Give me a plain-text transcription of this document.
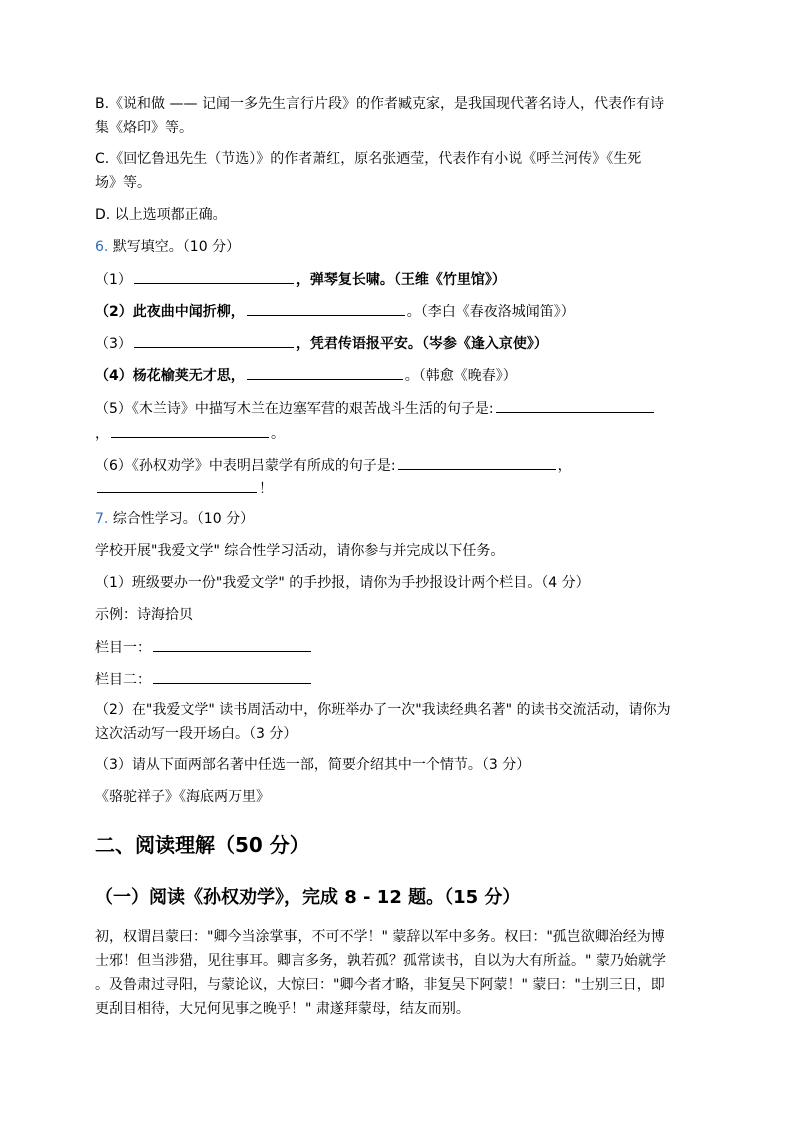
B.《说和做 —— 记闻一多先生言行片段》的作者臧克家，是我国现代著名诗人，代表作有诗
集《烙印》等。
C.《回忆鲁迅先生（节选）》的作者萧红，原名张迺莹，代表作有小说《呼兰河传》《生死
场》等。
D. 以上选项都正确。
6. 默写填空。（10 分）
（1）	，弹琴复长啸。（王维《竹里馆》）
（2）此夜曲中闻折柳，	。（李白《春夜洛城闻笛》）
（3）	，凭君传语报平安。（岑参《逢入京使》）
（4）杨花榆荚无才思，	。（韩愈《晚春》）
（5）《木兰诗》中描写木兰在边塞军营的艰苦战斗生活的句子是:
，	。
（6）《孙权劝学》中表明吕蒙学有所成的句子是:	，
！
7. 综合性学习。（10 分）
学校开展"我爱文学" 综合性学习活动，请你参与并完成以下任务。
（1）班级要办一份"我爱文学" 的手抄报，请你为手抄报设计两个栏目。（4 分）
示例：诗海拾贝
栏目一：
栏目二：
（2）在"我爱文学" 读书周活动中，你班举办了一次"我读经典名著" 的读书交流活动，请你为
这次活动写一段开场白。（3 分）
（3）请从下面两部名著中任选一部，简要介绍其中一个情节。（3 分）
《骆驼祥子》《海底两万里》
二、阅读理解（50 分）
（一）阅读《孙权劝学》，完成 8 - 12 题。（15 分）
初，权谓吕蒙曰："卿今当涂掌事，不可不学！" 蒙辞以军中多务。权曰："孤岂欲卿治经为博
士邪！但当涉猎，见往事耳。卿言多务，孰若孤？孤常读书，自以为大有所益。" 蒙乃始就学
。及鲁肃过寻阳，与蒙论议，大惊曰："卿今者才略，非复吴下阿蒙！" 蒙曰："士别三日，即
更刮目相待，大兄何见事之晚乎！" 肃遂拜蒙母，结友而别。
